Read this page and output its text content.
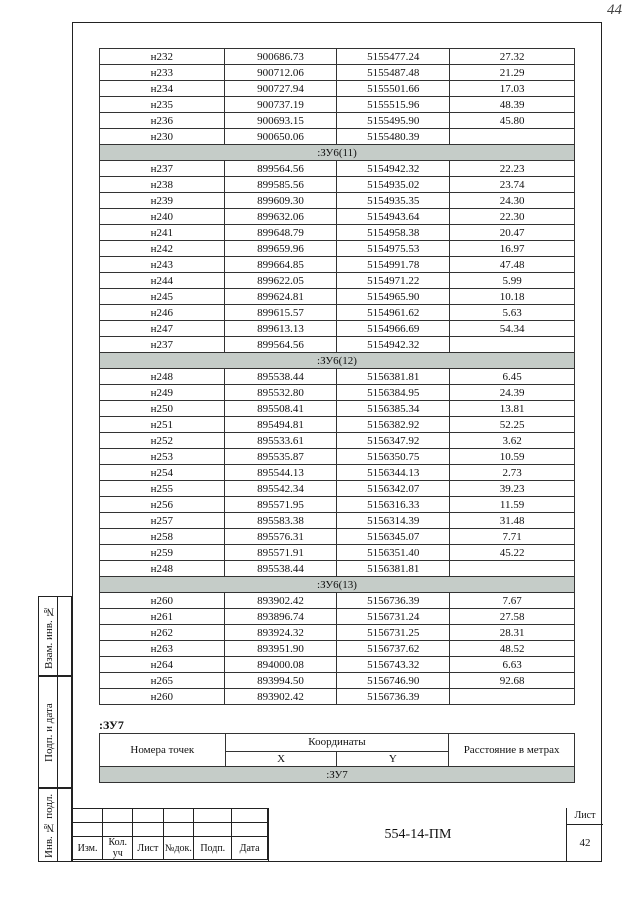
44
Взам. инв. №
Подп. и дата
Инв. № подл.
н232	900686.73	5155477.24	27.32
н233	900712.06	5155487.48	21.29
н234	900727.94	5155501.66	17.03
н235	900737.19	5155515.96	48.39
н236	900693.15	5155495.90	45.80
н230	900650.06	5155480.39	
:ЗУ6(11)			
н237	899564.56	5154942.32	22.23
н238	899585.56	5154935.02	23.74
н239	899609.30	5154935.35	24.30
н240	899632.06	5154943.64	22.30
н241	899648.79	5154958.38	20.47
н242	899659.96	5154975.53	16.97
н243	899664.85	5154991.78	47.48
н244	899622.05	5154971.22	5.99
н245	899624.81	5154965.90	10.18
н246	899615.57	5154961.62	5.63
н247	899613.13	5154966.69	54.34
н237	899564.56	5154942.32	
:ЗУ6(12)			
н248	895538.44	5156381.81	6.45
н249	895532.80	5156384.95	24.39
н250	895508.41	5156385.34	13.81
н251	895494.81	5156382.92	52.25
н252	895533.61	5156347.92	3.62
н253	895535.87	5156350.75	10.59
н254	895544.13	5156344.13	2.73
н255	895542.34	5156342.07	39.23
н256	895571.95	5156316.33	11.59
н257	895583.38	5156314.39	31.48
н258	895576.31	5156345.07	7.71
н259	895571.91	5156351.40	45.22
н248	895538.44	5156381.81	
:ЗУ6(13)			
н260	893902.42	5156736.39	7.67
н261	893896.74	5156731.24	27.58
н262	893924.32	5156731.25	28.31
н263	893951.90	5156737.62	48.52
н264	894000.08	5156743.32	6.63
н265	893994.50	5156746.90	92.68
н260	893902.42	5156736.39	
:ЗУ7
Номера точек	Координаты		Расстояние в метрах
	X	Y	
:ЗУ7			

Изм.	Кол. уч	Лист	№док.	Подп.	Дата
554-14-ПМ
Лист
42
